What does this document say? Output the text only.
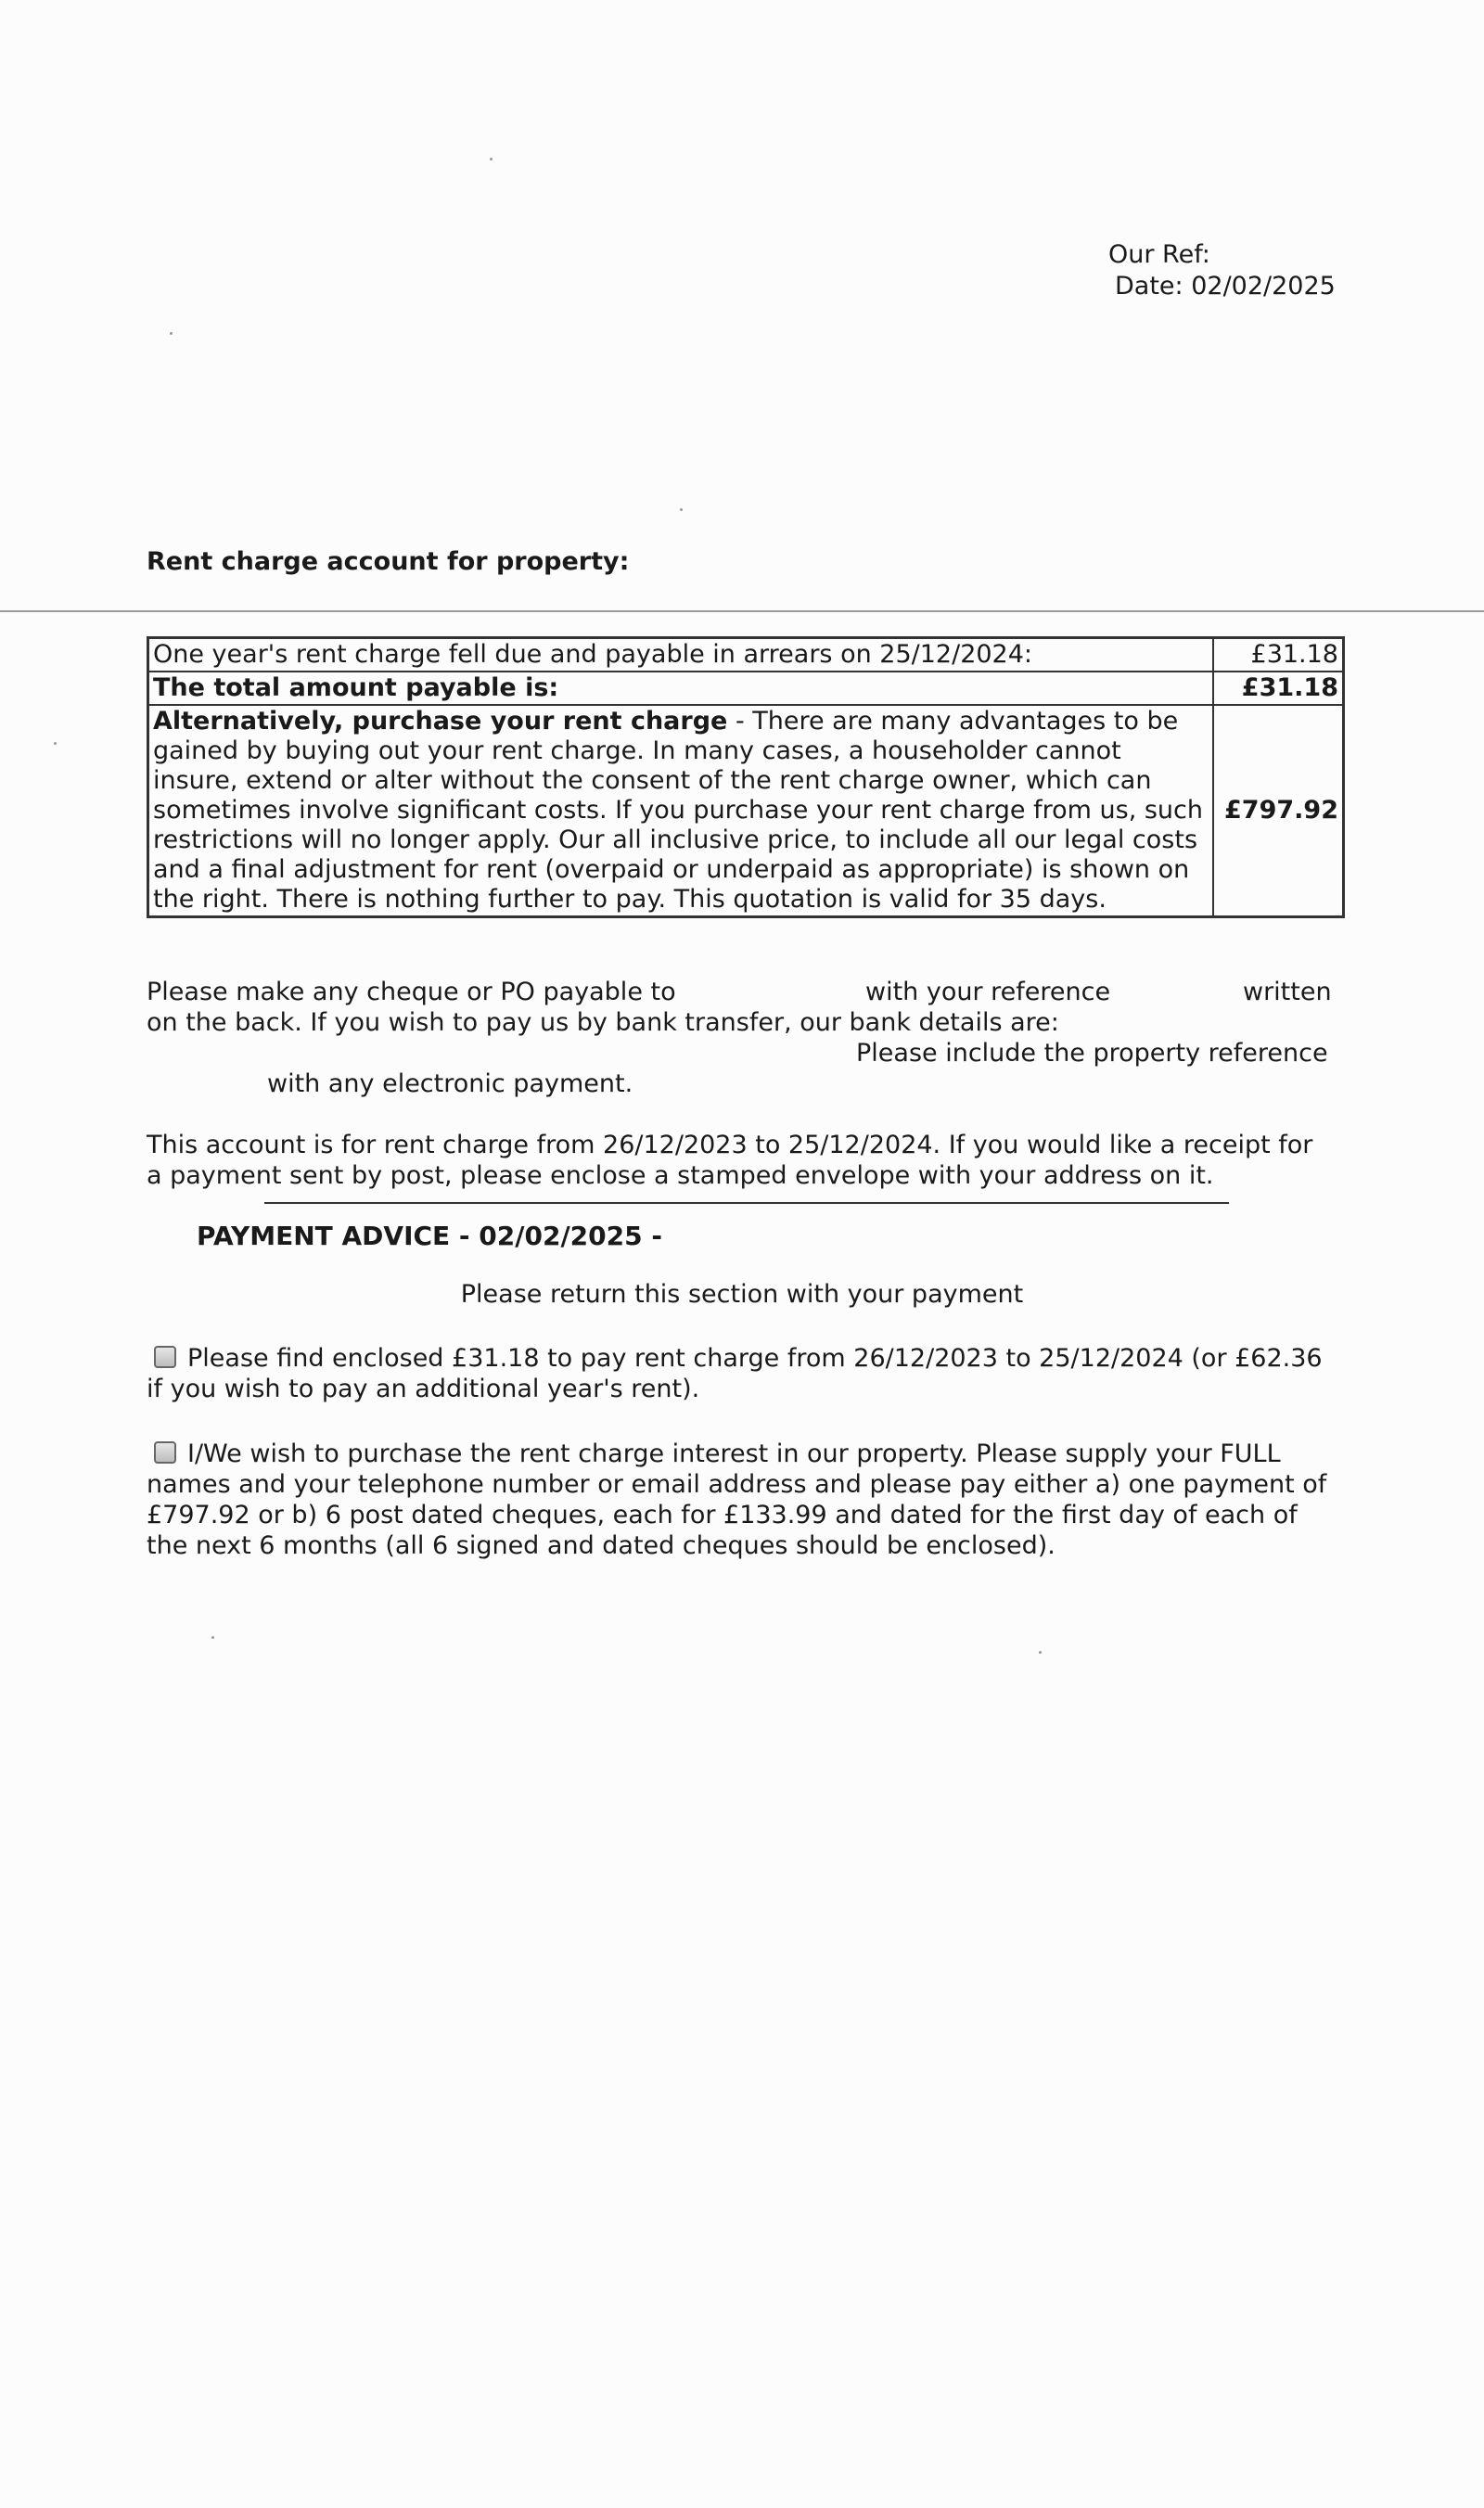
Our Ref:
Date: 02/02/2025
Rent charge account for property:
One year's rent charge fell due and payable in arrears on 25/12/2024:	£31.18
The total amount payable is:	£31.18
Alternatively, purchase your rent charge - There are many advantages to be gained by buying out your rent charge. In many cases, a householder cannot insure, extend or alter without the consent of the rent charge owner, which can sometimes involve significant costs. If you purchase your rent charge from us, such restrictions will no longer apply. Our all inclusive price, to include all our legal costs and a final adjustment for rent (overpaid or underpaid as appropriate) is shown on the right. There is nothing further to pay. This quotation is valid for 35 days.	£797.92
Please make any cheque or PO payable to	with your reference	written
on the back. If you wish to pay us by bank transfer, our bank details are:
Please include the property reference
with any electronic payment.
This account is for rent charge from 26/12/2023 to 25/12/2024. If you would like a receipt for
a payment sent by post, please enclose a stamped envelope with your address on it.
PAYMENT ADVICE - 02/02/2025 -
Please return this section with your payment
Please find enclosed £31.18 to pay rent charge from 26/12/2023 to 25/12/2024 (or £62.36
if you wish to pay an additional year's rent).
I/We wish to purchase the rent charge interest in our property. Please supply your FULL
names and your telephone number or email address and please pay either a) one payment of
£797.92 or b) 6 post dated cheques, each for £133.99 and dated for the first day of each of
the next 6 months (all 6 signed and dated cheques should be enclosed).
